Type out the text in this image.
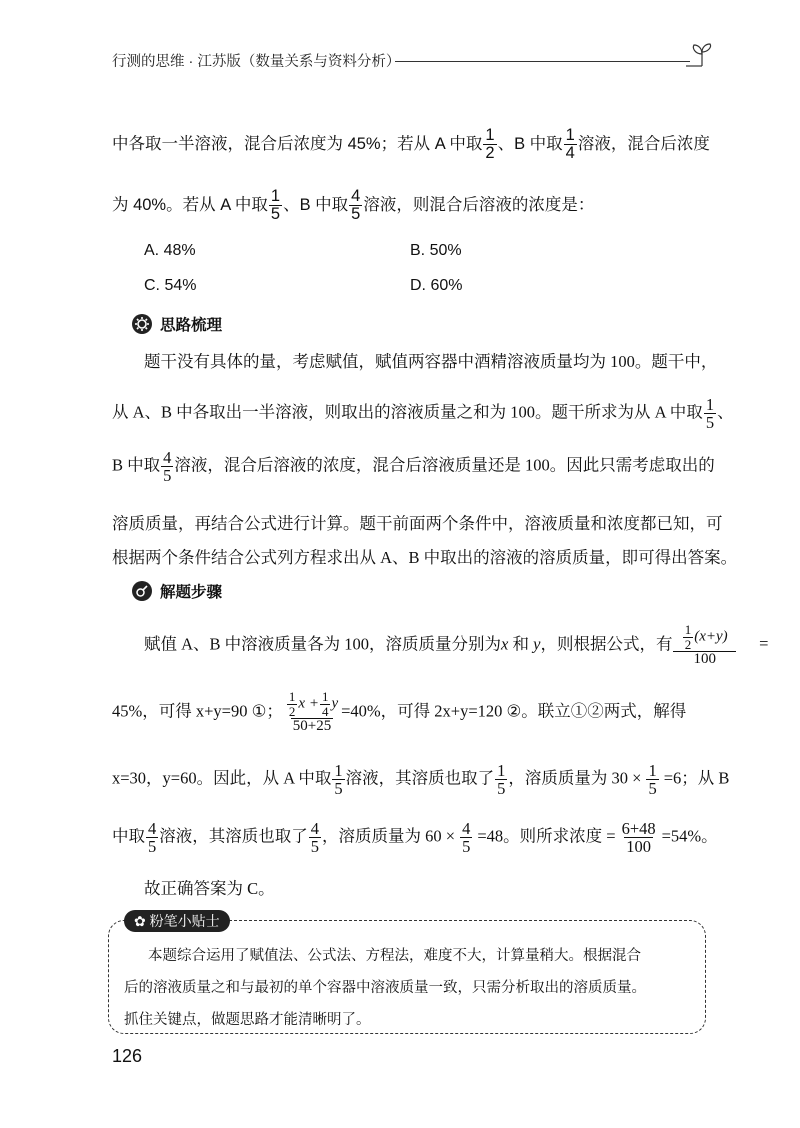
行测的思维 · 江苏版（数量关系与资料分析）
中各取一半溶液，混合后浓度为 45%；若从 A 中取 $\frac{1}{2}$ 、B 中取 $\frac{1}{4}$ 溶液，混合后浓度
为 40%。若从 A 中取 $\frac{1}{5}$ 、B 中取 $\frac{4}{5}$ 溶液，则混合后溶液的浓度是：
A. 48%	B. 50%
C. 54%	D. 60%
思路梳理
题干没有具体的量，考虑赋值，赋值两容器中酒精溶液质量均为 100。题干中，
从 A、B 中各取出一半溶液，则取出的溶液质量之和为 100。题干所求为从 A 中取 $\frac{1}{5}$ 、
B 中取 $\frac{4}{5}$ 溶液，混合后溶液的浓度，混合后溶液质量还是 100。因此只需考虑取出的
溶质质量，再结合公式进行计算。题干前面两个条件中，溶液质量和浓度都已知，可
根据两个条件结合公式列方程求出从 A、B 中取出的溶液的溶质质量，即可得出答案。
解题步骤
赋值 A、B 中溶液质量各为 100，溶质质量分别为x 和 y，则根据公式，有 $\frac{\frac{1}{2} (x+y)}{100}$ =
45%，可得 x+y=90 ①； $\frac{\frac{1}{2} x + \frac{1}{4} y}{50+25} =40\%$，可得 2x+y=120 ②。联立①②两式，解得
x=30，y=60。因此，从 A 中取 $\frac{1}{5}$ 溶液，其溶质也取了 $\frac{1}{5}$ ，溶质质量为 $30 \times \frac{1}{5} =6$；从 B
中取 $\frac{4}{5}$ 溶液，其溶质也取了 $\frac{4}{5}$ ，溶质质量为 $60 \times \frac{4}{5} =48$。则所求浓度 = $\frac{6+48}{100} =54\%$。
故正确答案为 C。
✿ 粉笔小贴士
本题综合运用了赋值法、公式法、方程法，难度不大，计算量稍大。根据混合
后的溶液质量之和与最初的单个容器中溶液质量一致，只需分析取出的溶质质量。
抓住关键点，做题思路才能清晰明了。
126
